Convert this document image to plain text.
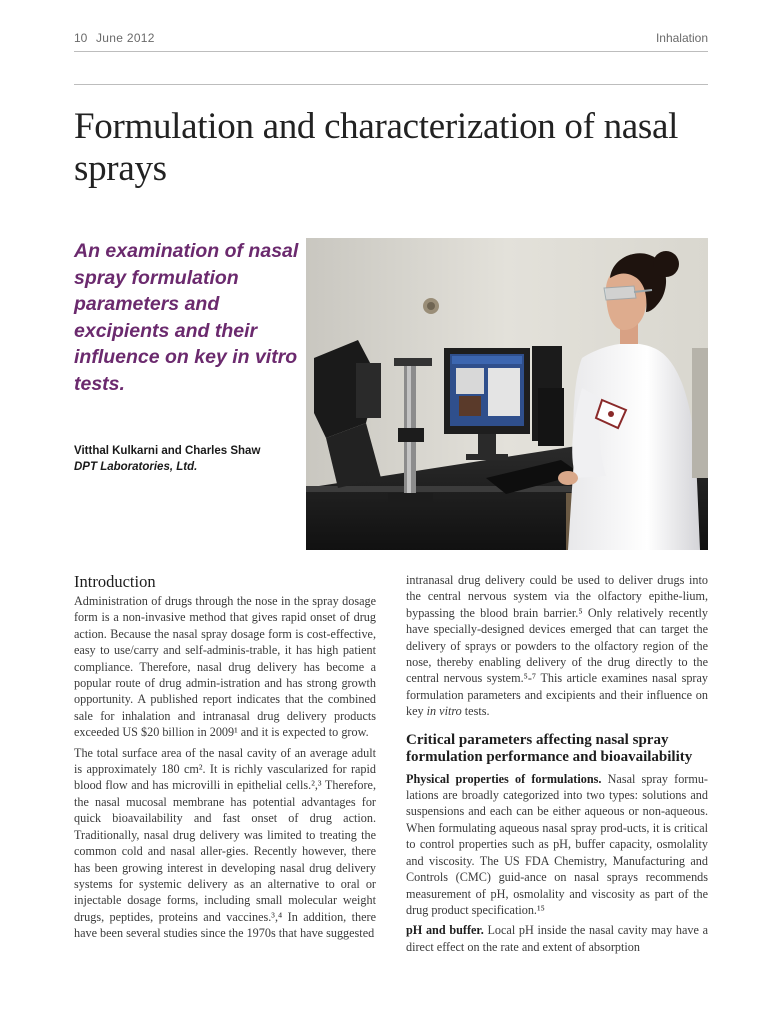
10 June 2012	Inhalation
Formulation and characterization of nasal sprays
An examination of nasal spray formulation parameters and excipients and their influence on key in vitro tests.
Vitthal Kulkarni and Charles Shaw
DPT Laboratories, Ltd.
Introduction

Administration of drugs through the nose in the spray dosage form is a non-invasive method that gives rapid onset of drug action. Because the nasal spray dosage form is cost-effective, easy to use/carry and self-adminis-trable, it has high patient compliance. Therefore, nasal drug delivery has become a popular route of drug admin-istration and has strong growth opportunity. A published report indicates that the combined sale for inhalation and intranasal drug delivery products exceeded US $20 billion in 2009¹ and it is expected to grow.

The total surface area of the nasal cavity of an average adult is approximately 180 cm². It is richly vascularized for rapid blood flow and has microvilli in epithelial cells.²,³ Therefore, the nasal mucosal membrane has potential advantages for quick bioavailability and fast onset of drug action. Traditionally, nasal drug delivery was limited to treating the common cold and nasal aller-gies. Recently however, there has been growing interest in developing nasal drug delivery systems for systemic delivery as an alternative to oral or injectable dosage forms, including small molecular weight drugs, peptides, proteins and vaccines.³,⁴ In addition, there have been several studies since the 1970s that have suggested

intranasal drug delivery could be used to deliver drugs into the central nervous system via the olfactory epithe-lium, bypassing the blood brain barrier.⁵ Only relatively recently have specially-designed devices emerged that can target the delivery of sprays or powders to the olfactory region of the nose, thereby enabling delivery of the drug directly to the central nervous system.⁵-⁷ This article examines nasal spray formulation parameters and excipients and their influence on key in vitro tests.

Critical parameters affecting nasal spray formulation performance and bioavailability

Physical properties of formulations. Nasal spray formu-lations are broadly categorized into two types: solutions and suspensions and each can be either aqueous or non-aqueous. When formulating aqueous nasal spray prod-ucts, it is critical to control properties such as pH, buffer capacity, osmolality and viscosity. The US FDA Chemistry, Manufacturing and Controls (CMC) guid-ance on nasal sprays recommends measurement of pH, osmolality and viscosity as part of the drug product specification.¹⁵

pH and buffer. Local pH inside the nasal cavity may have a direct effect on the rate and extent of absorption
